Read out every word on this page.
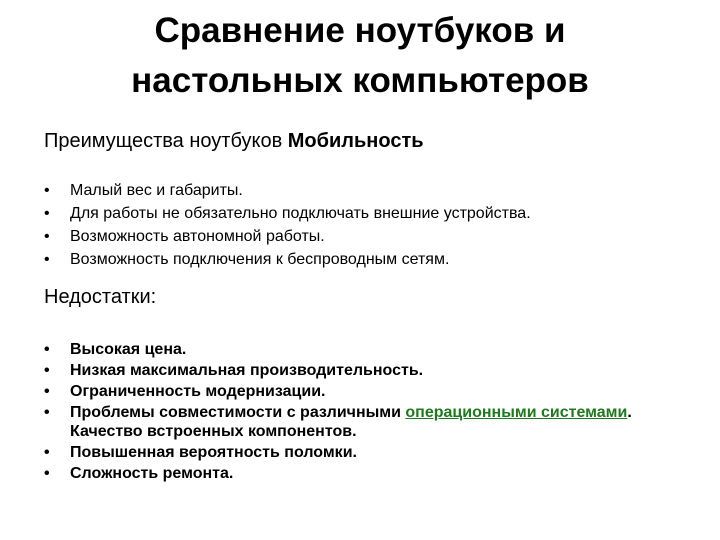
Сравнение ноутбуков и
настольных компьютеров
Преимущества ноутбуков Мобильность
• Малый вес и габариты.
• Для работы не обязательно подключать внешние устройства.
• Возможность автономной работы.
• Возможность подключения к беспроводным сетям.
Недостатки:
• Высокая цена.
• Низкая максимальная производительность.
• Ограниченность модернизации.
• Проблемы совместимости с различными операционными системами. Качество встроенных компонентов.
• Повышенная вероятность поломки.
• Сложность ремонта.
